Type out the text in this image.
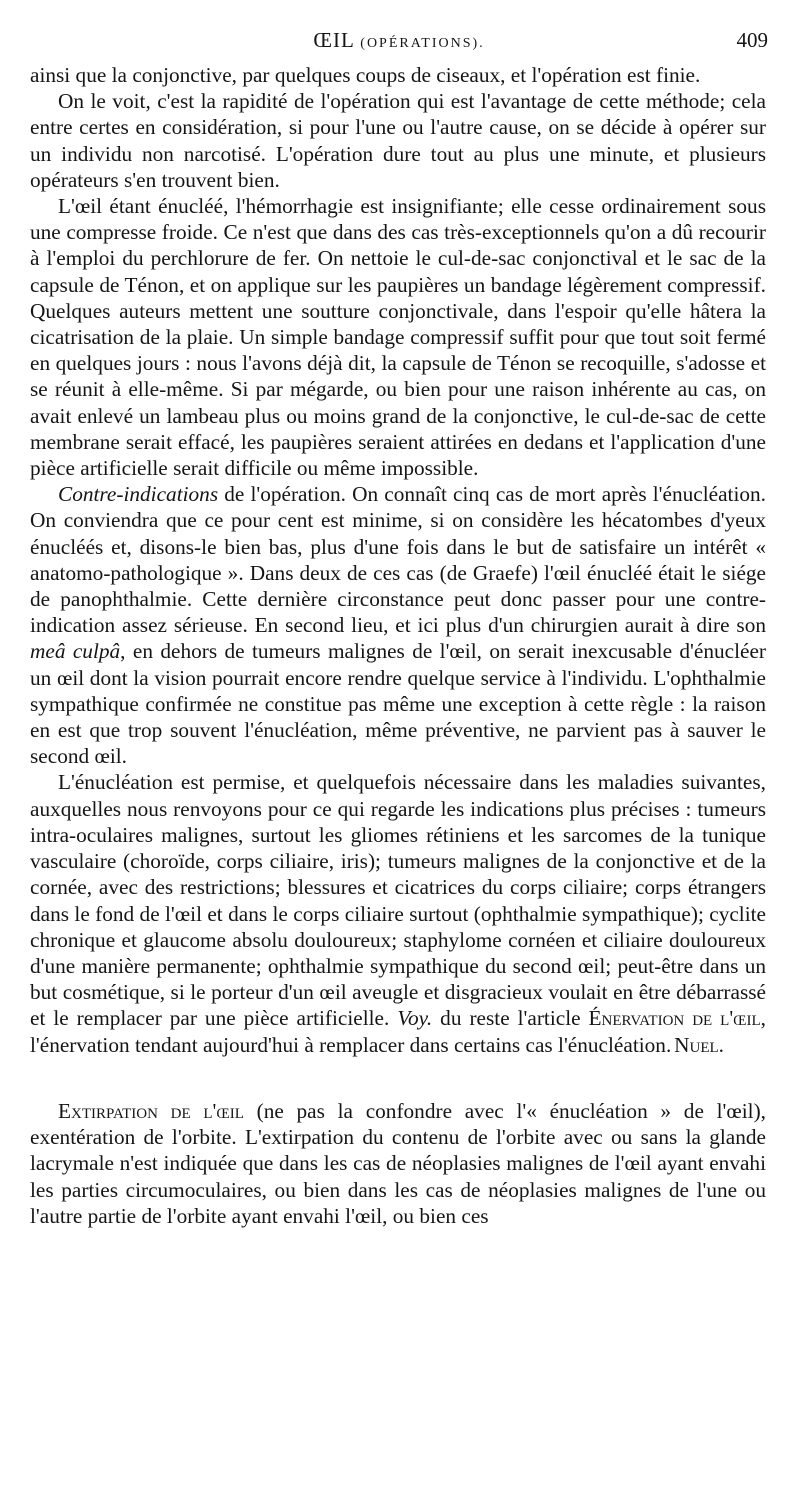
ŒIL (OPÉRATIONS).	409

ainsi que la conjonctive, par quelques coups de ciseaux, et l'opération est finie.

On le voit, c'est la rapidité de l'opération qui est l'avantage de cette méthode; cela entre certes en considération, si pour l'une ou l'autre cause, on se décide à opérer sur un individu non narcotisé. L'opération dure tout au plus une minute, et plusieurs opérateurs s'en trouvent bien.

L'œil étant énucléé, l'hémorrhagie est insignifiante; elle cesse ordinairement sous une compresse froide. Ce n'est que dans des cas très-exceptionnels qu'on a dû recourir à l'emploi du perchlorure de fer. On nettoie le cul-de-sac conjonctival et le sac de la capsule de Ténon, et on applique sur les paupières un bandage légèrement compressif. Quelques auteurs mettent une soutture conjonctivale, dans l'espoir qu'elle hâtera la cicatrisation de la plaie. Un simple bandage compressif suffit pour que tout soit fermé en quelques jours : nous l'avons déjà dit, la capsule de Ténon se recoquille, s'adosse et se réunit à elle-même. Si par mégarde, ou bien pour une raison inhérente au cas, on avait enlevé un lambeau plus ou moins grand de la conjonctive, le cul-de-sac de cette membrane serait effacé, les paupières seraient attirées en dedans et l'application d'une pièce artificielle serait difficile ou même impossible.

Contre-indications de l'opération. On connaît cinq cas de mort après l'énucléation. On conviendra que ce pour cent est minime, si on considère les hécatombes d'yeux énucléés et, disons-le bien bas, plus d'une fois dans le but de satisfaire un intérêt « anatomo-pathologique ». Dans deux de ces cas (de Graefe) l'œil énucléé était le siége de panophthalmie. Cette dernière circonstance peut donc passer pour une contre-indication assez sérieuse. En second lieu, et ici plus d'un chirurgien aurait à dire son meâ culpâ, en dehors de tumeurs malignes de l'œil, on serait inexcusable d'énucléer un œil dont la vision pourrait encore rendre quelque service à l'individu. L'ophthalmie sympathique confirmée ne constitue pas même une exception à cette règle : la raison en est que trop souvent l'énucléation, même préventive, ne parvient pas à sauver le second œil.

L'énucléation est permise, et quelquefois nécessaire dans les maladies suivantes, auxquelles nous renvoyons pour ce qui regarde les indications plus précises : tumeurs intra-oculaires malignes, surtout les gliomes rétiniens et les sarcomes de la tunique vasculaire (choroïde, corps ciliaire, iris); tumeurs malignes de la conjonctive et de la cornée, avec des restrictions; blessures et cicatrices du corps ciliaire; corps étrangers dans le fond de l'œil et dans le corps ciliaire surtout (ophthalmie sympathique); cyclite chronique et glaucome absolu douloureux; staphylome cornéen et ciliaire douloureux d'une manière permanente; ophthalmie sympathique du second œil; peut-être dans un but cosmétique, si le porteur d'un œil aveugle et disgracieux voulait en être débarrassé et le remplacer par une pièce artificielle. Voy. du reste l'article Énervation de l'œil, l'énervation tendant aujourd'hui à remplacer dans certains cas l'énucléation. Nuel.

Extirpation de l'œil (ne pas la confondre avec l'« énucléation » de l'œil), exentération de l'orbite. L'extirpation du contenu de l'orbite avec ou sans la glande lacrymale n'est indiquée que dans les cas de néoplasies malignes de l'œil ayant envahi les parties circumoculaires, ou bien dans les cas de néoplasies malignes de l'une ou l'autre partie de l'orbite ayant envahi l'œil, ou bien ces
